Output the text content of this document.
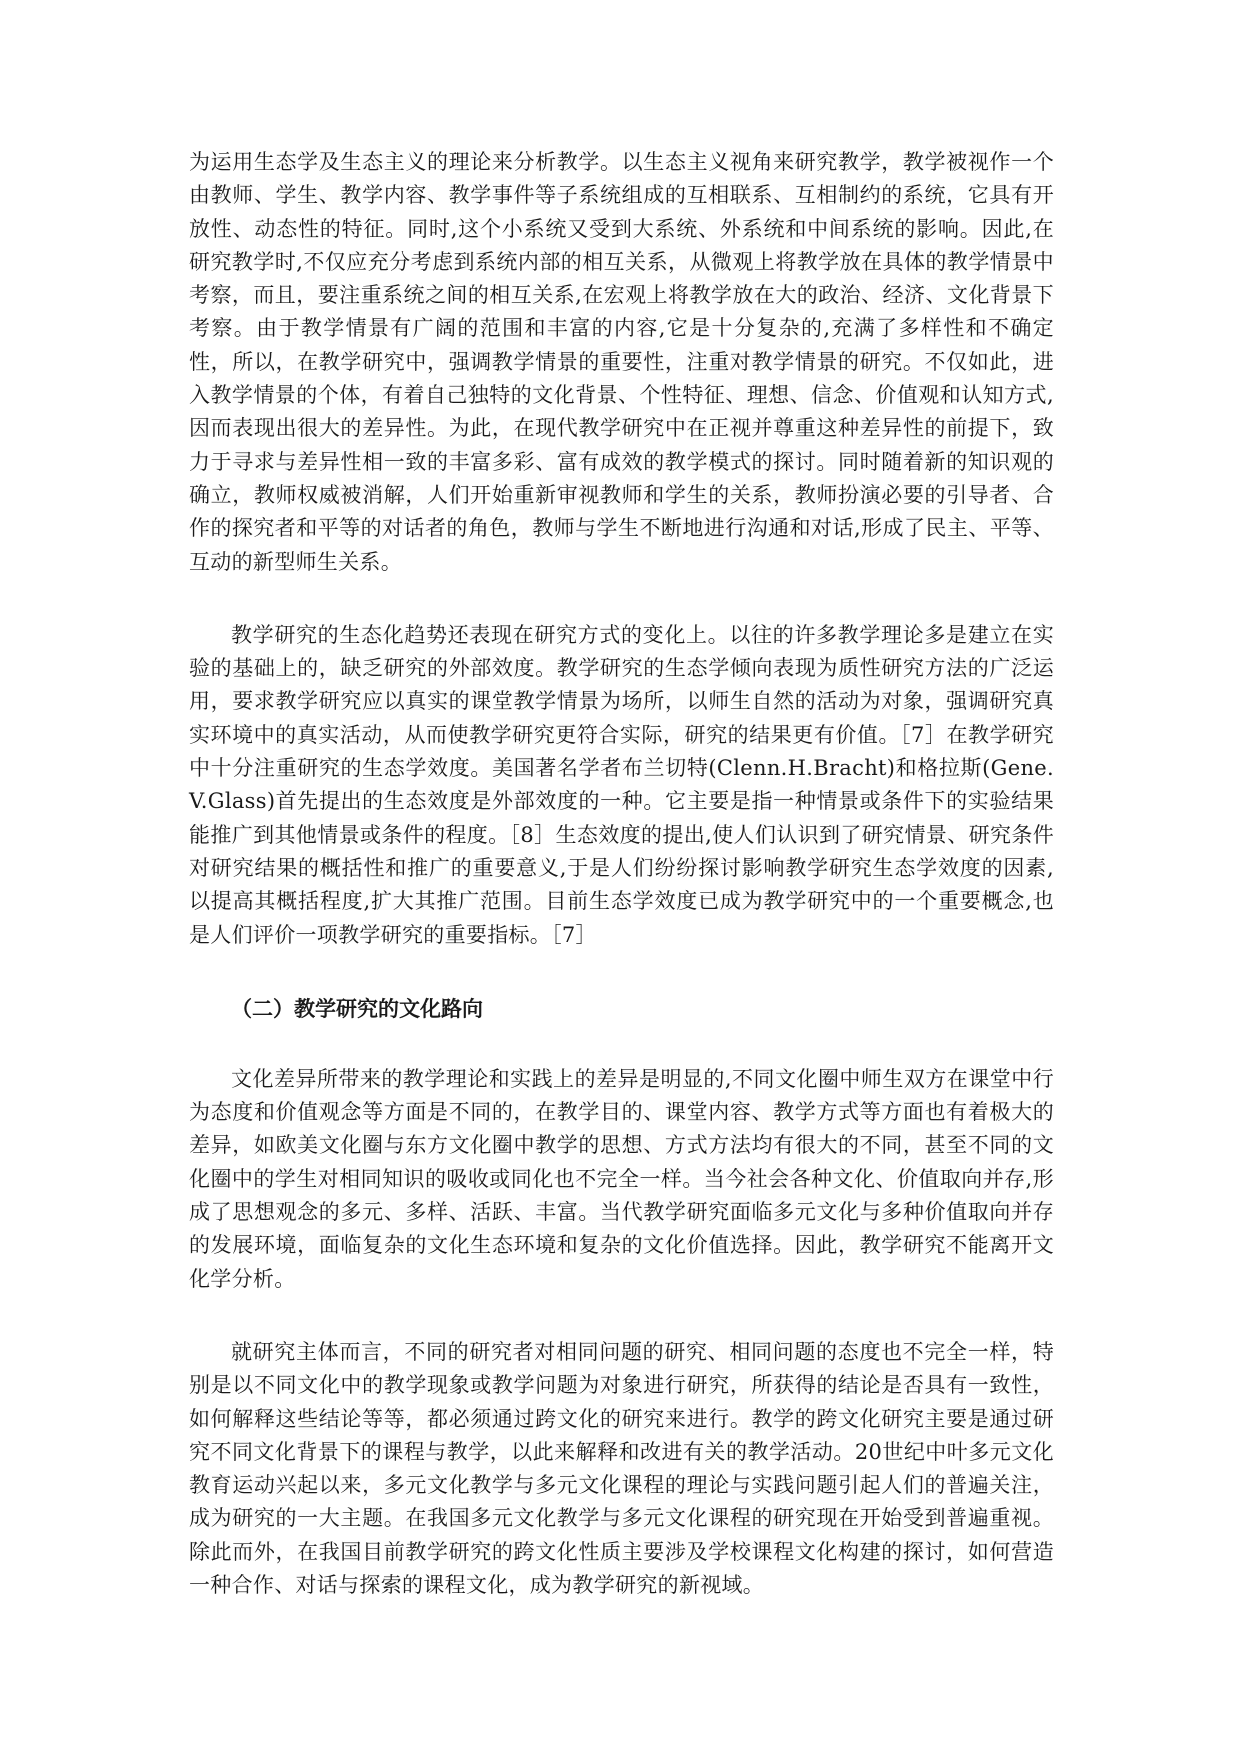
为运用生态学及生态主义的理论来分析教学。以生态主义视角来研究教学，教学被视作一个由教师、学生、教学内容、教学事件等子系统组成的互相联系、互相制约的系统，它具有开放性、动态性的特征。同时,这个小系统又受到大系统、外系统和中间系统的影响。因此,在研究教学时,不仅应充分考虑到系统内部的相互关系，从微观上将教学放在具体的教学情景中考察，而且，要注重系统之间的相互关系,在宏观上将教学放在大的政治、经济、文化背景下考察。由于教学情景有广阔的范围和丰富的内容,它是十分复杂的,充满了多样性和不确定性，所以，在教学研究中，强调教学情景的重要性，注重对教学情景的研究。不仅如此，进入教学情景的个体，有着自己独特的文化背景、个性特征、理想、信念、价值观和认知方式,因而表现出很大的差异性。为此，在现代教学研究中在正视并尊重这种差异性的前提下，致力于寻求与差异性相一致的丰富多彩、富有成效的教学模式的探讨。同时随着新的知识观的确立，教师权威被消解，人们开始重新审视教师和学生的关系，教师扮演必要的引导者、合作的探究者和平等的对话者的角色，教师与学生不断地进行沟通和对话,形成了民主、平等、互动的新型师生关系。

教学研究的生态化趋势还表现在研究方式的变化上。以往的许多教学理论多是建立在实验的基础上的，缺乏研究的外部效度。教学研究的生态学倾向表现为质性研究方法的广泛运用，要求教学研究应以真实的课堂教学情景为场所，以师生自然的活动为对象，强调研究真实环境中的真实活动，从而使教学研究更符合实际，研究的结果更有价值。［7］在教学研究中十分注重研究的生态学效度。美国著名学者布兰切特(Clenn.H.Bracht)和格拉斯(Gene.V.Glass)首先提出的生态效度是外部效度的一种。它主要是指一种情景或条件下的实验结果能推广到其他情景或条件的程度。［8］生态效度的提出,使人们认识到了研究情景、研究条件对研究结果的概括性和推广的重要意义,于是人们纷纷探讨影响教学研究生态学效度的因素,以提高其概括程度,扩大其推广范围。目前生态学效度已成为教学研究中的一个重要概念,也是人们评价一项教学研究的重要指标。［7］

（二）教学研究的文化路向

文化差异所带来的教学理论和实践上的差异是明显的,不同文化圈中师生双方在课堂中行为态度和价值观念等方面是不同的，在教学目的、课堂内容、教学方式等方面也有着极大的差异，如欧美文化圈与东方文化圈中教学的思想、方式方法均有很大的不同，甚至不同的文化圈中的学生对相同知识的吸收或同化也不完全一样。当今社会各种文化、价值取向并存,形成了思想观念的多元、多样、活跃、丰富。当代教学研究面临多元文化与多种价值取向并存的发展环境，面临复杂的文化生态环境和复杂的文化价值选择。因此，教学研究不能离开文化学分析。

就研究主体而言，不同的研究者对相同问题的研究、相同问题的态度也不完全一样，特别是以不同文化中的教学现象或教学问题为对象进行研究，所获得的结论是否具有一致性，如何解释这些结论等等，都必须通过跨文化的研究来进行。教学的跨文化研究主要是通过研究不同文化背景下的课程与教学，以此来解释和改进有关的教学活动。20世纪中叶多元文化教育运动兴起以来，多元文化教学与多元文化课程的理论与实践问题引起人们的普遍关注，成为研究的一大主题。在我国多元文化教学与多元文化课程的研究现在开始受到普遍重视。除此而外，在我国目前教学研究的跨文化性质主要涉及学校课程文化构建的探讨，如何营造一种合作、对话与探索的课程文化，成为教学研究的新视域。
